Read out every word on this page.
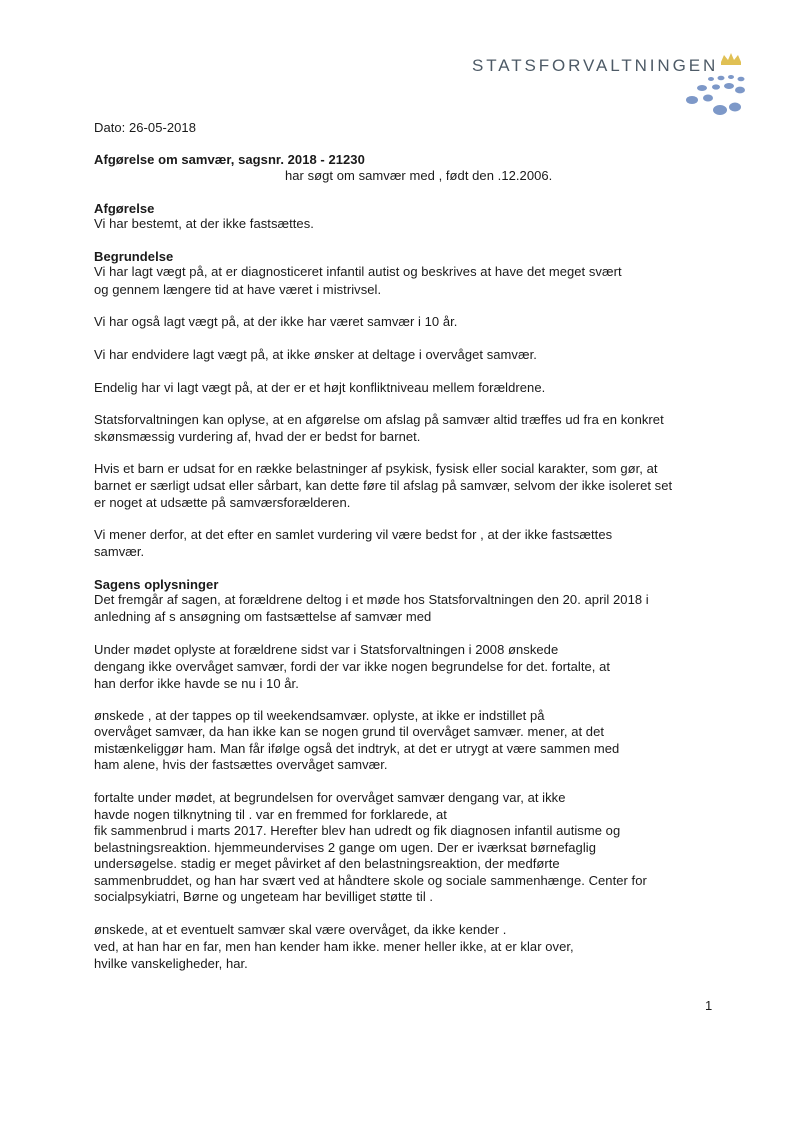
STATSFORVALTNINGEN

Dato: 26-05-2018

Afgørelse om samvær, sagsnr. 2018 - 21230

har søgt om samvær med , født den .12.2006.

Afgørelse

Vi har bestemt, at der ikke fastsættes.

Begrundelse

Vi har lagt vægt på, at er diagnosticeret infantil autist og beskrives at have det meget svært

og gennem længere tid at have været i mistrivsel.

Vi har også lagt vægt på, at der ikke har været samvær i 10 år.

Vi har endvidere lagt vægt på, at ikke ønsker at deltage i overvåget samvær.

Endelig har vi lagt vægt på, at der er et højt konfliktniveau mellem forældrene.

Statsforvaltningen kan oplyse, at en afgørelse om afslag på samvær altid træffes ud fra en konkret

skønsmæssig vurdering af, hvad der er bedst for barnet.

Hvis et barn er udsat for en række belastninger af psykisk, fysisk eller social karakter, som gør, at

barnet er særligt udsat eller sårbart, kan dette føre til afslag på samvær, selvom der ikke isoleret set

er noget at udsætte på samværsforælderen.

Vi mener derfor, at det efter en samlet vurdering vil være bedst for , at der ikke fastsættes

samvær.

Sagens oplysninger

Det fremgår af sagen, at forældrene deltog i et møde hos Statsforvaltningen den 20. april 2018 i

anledning af s ansøgning om fastsættelse af samvær med

Under mødet oplyste at forældrene sidst var i Statsforvaltningen i 2008 ønskede

dengang ikke overvåget samvær, fordi der var ikke nogen begrundelse for det. fortalte, at

han derfor ikke havde se nu i 10 år.

ønskede , at der tappes op til weekendsamvær. oplyste, at ikke er indstillet på

overvåget samvær, da han ikke kan se nogen grund til overvåget samvær. mener, at det

mistænkeliggør ham. Man får ifølge også det indtryk, at det er utrygt at være sammen med

ham alene, hvis der fastsættes overvåget samvær.

fortalte under mødet, at begrundelsen for overvåget samvær dengang var, at ikke

havde nogen tilknytning til . var en fremmed for forklarede, at

fik sammenbrud i marts 2017. Herefter blev han udredt og fik diagnosen infantil autisme og

belastningsreaktion. hjemmeundervises 2 gange om ugen. Der er iværksat børnefaglig

undersøgelse. stadig er meget påvirket af den belastningsreaktion, der medførte

sammenbruddet, og han har svært ved at håndtere skole og sociale sammenhænge. Center for

socialpsykiatri, Børne og ungeteam har bevilliget støtte til .

ønskede, at et eventuelt samvær skal være overvåget, da ikke kender .

ved, at han har en far, men han kender ham ikke. mener heller ikke, at er klar over,

hvilke vanskeligheder, har.

1
